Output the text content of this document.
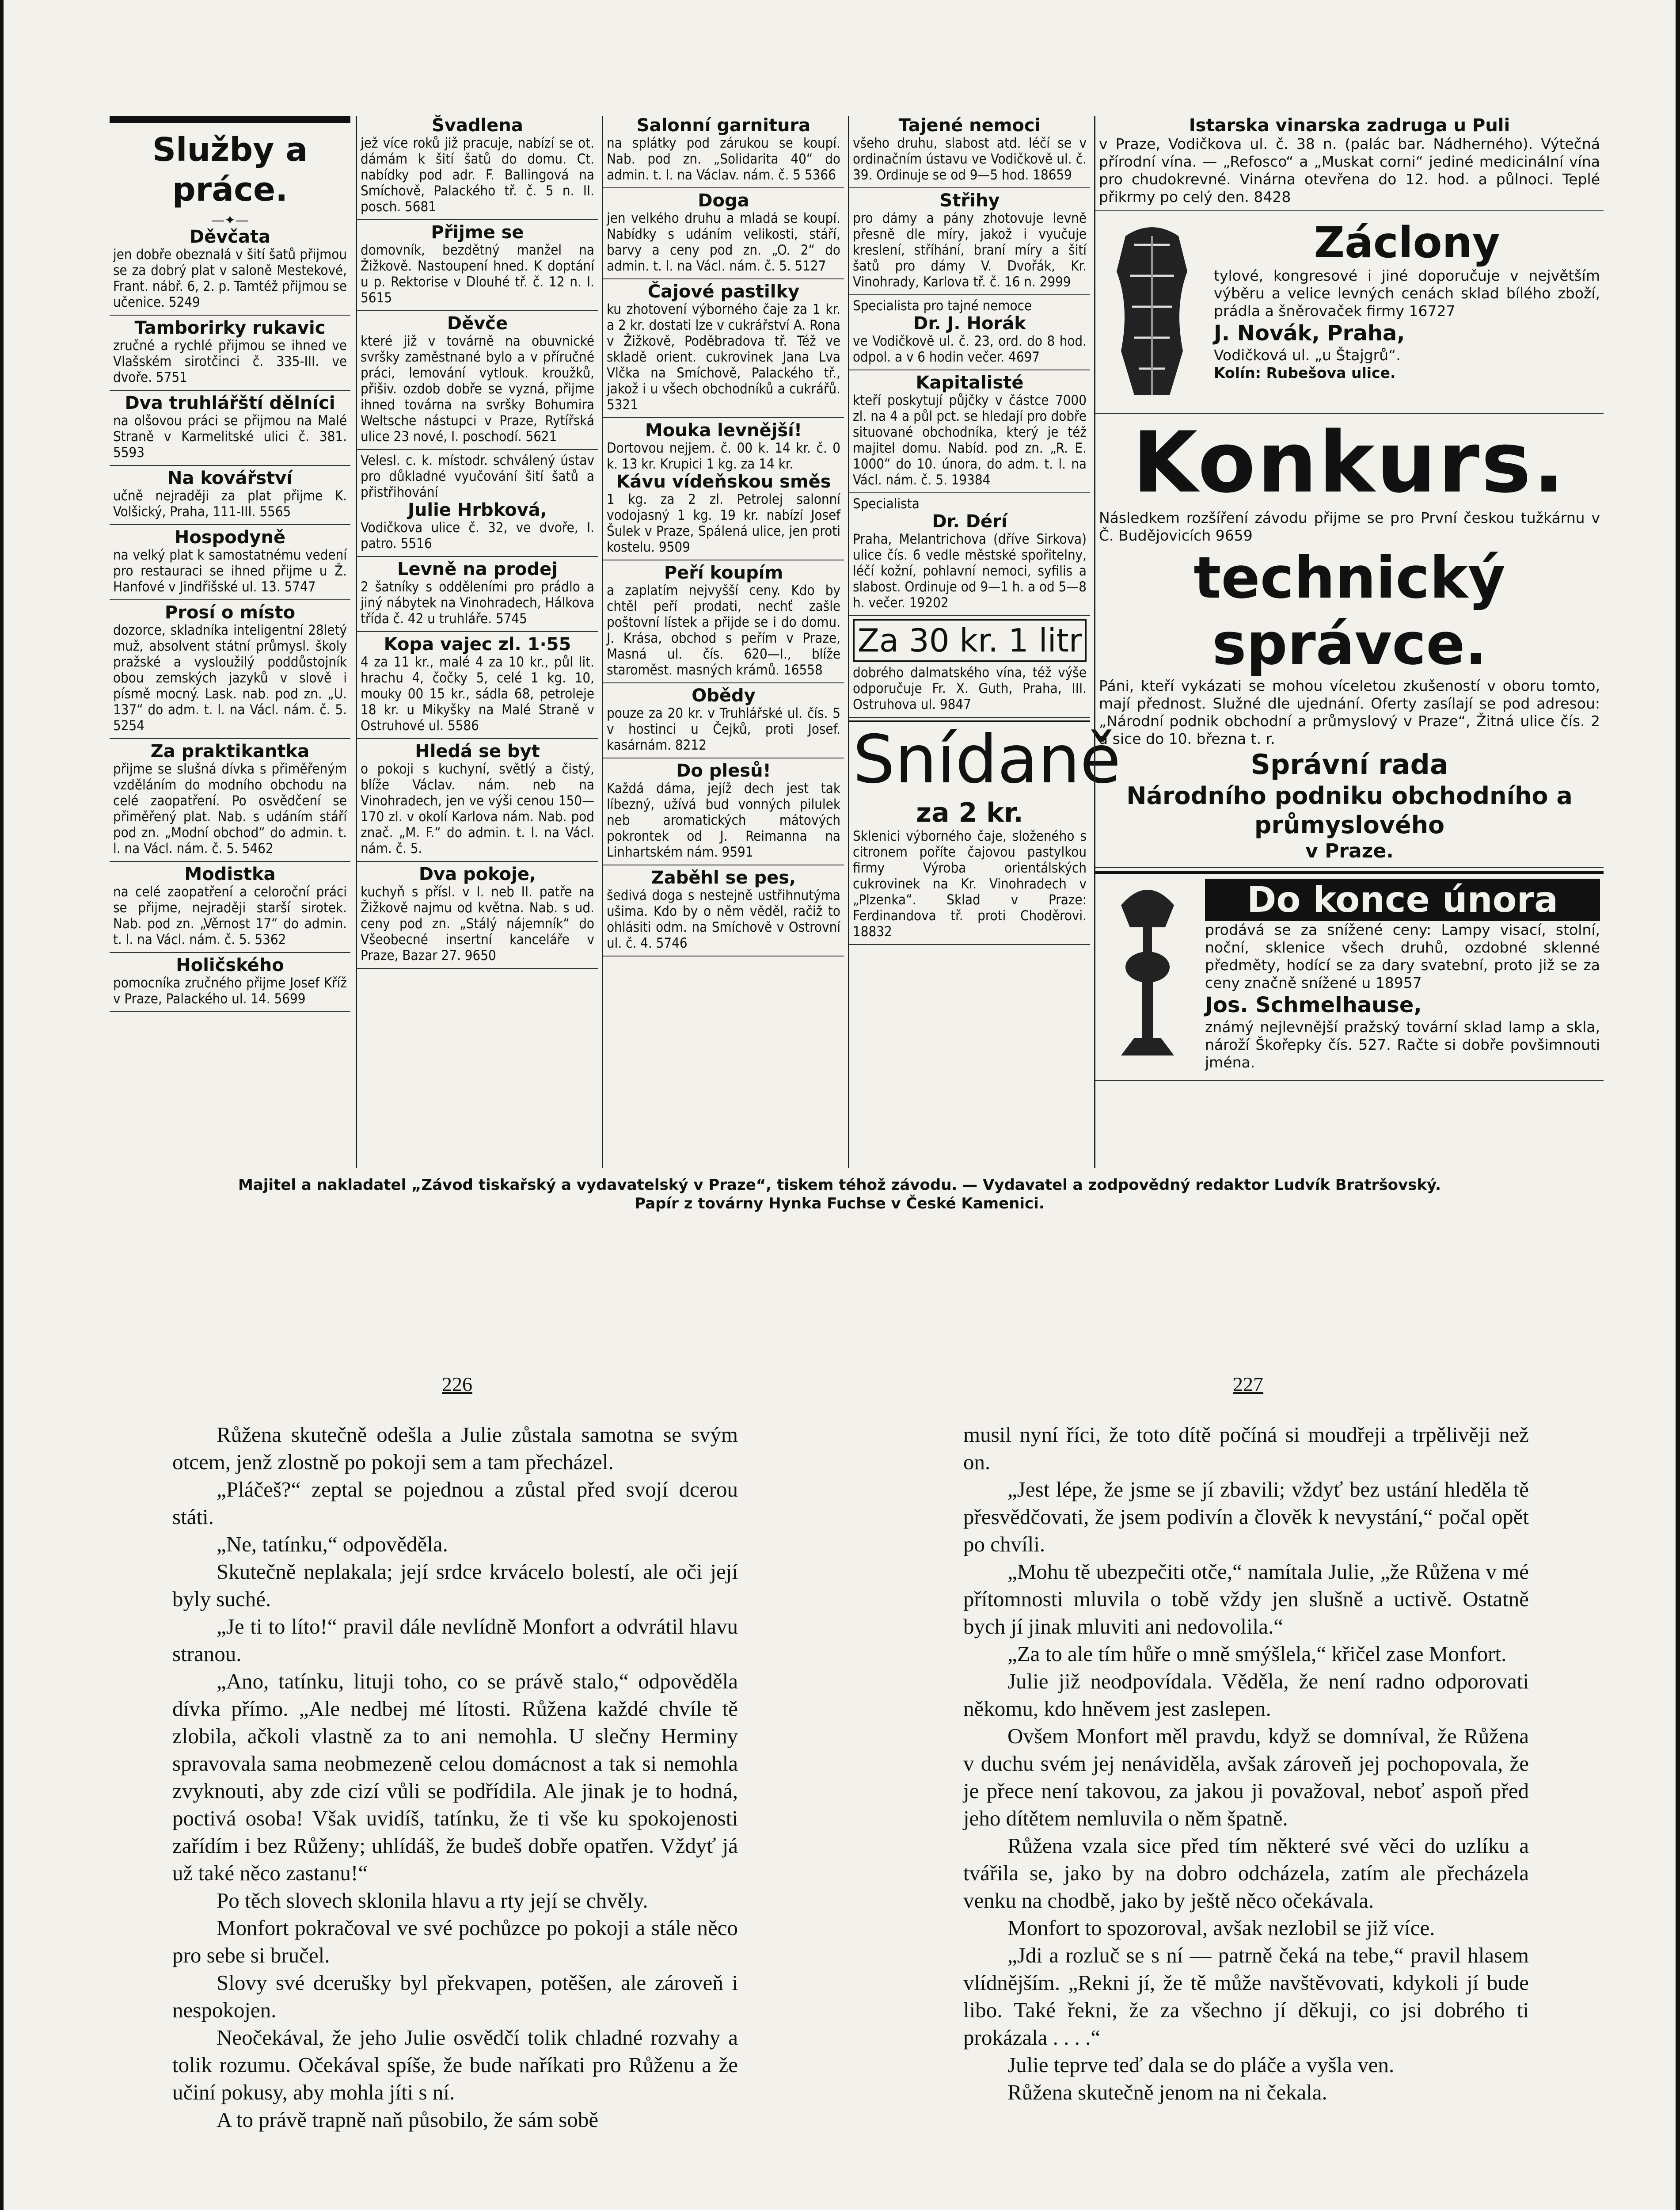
Služby a práce.
—✦—
Děvčata

jen dobře obeznalá v šití šatů přijmou se za dobrý plat v saloně Mestekové, Frant. nábř. 6, 2. p. Tamtéž přijmou se učenice. 5249

Tamborirky rukavic

zručné a rychlé přijmou se ihned ve Vlašském sirotčinci č. 335-III. ve dvoře. 5751

Dva truhlářští dělníci

na olšovou práci se přijmou na Malé Straně v Karmelitské ulici č. 381. 5593

Na kovářství

učně nejraději za plat přijme K. Volšický, Praha, 111-III. 5565

Hospodyně

na velký plat k samostatnému vedení pro restauraci se ihned přijme u Ž. Hanfové v Jindřišské ul. 13. 5747

Prosí o místo

dozorce, skladníka inteligentní 28letý muž, absolvent státní průmysl. školy pražské a vysloužilý poddůstojník obou zemských jazyků v slově i písmě mocný. Lask. nab. pod zn. „U. 137“ do adm. t. l. na Václ. nám. č. 5. 5254

Za praktikantka

přijme se slušná dívka s přiměřeným vzděláním do modního obchodu na celé zaopatření. Po osvědčení se přiměřený plat. Nab. s udáním stáří pod zn. „Modní obchod“ do admin. t. l. na Václ. nám. č. 5. 5462

Modistka

na celé zaopatření a celoroční práci se přijme, nejraději starší sirotek. Nab. pod zn. „Věrnost 17“ do admin. t. l. na Václ. nám. č. 5. 5362

Holičského

pomocníka zručného přijme Josef Kříž v Praze, Palackého ul. 14. 5699

Švadlena

jež více roků již pracuje, nabízí se ot. dámám k šití šatů do domu. Ct. nabídky pod adr. F. Ballingová na Smíchově, Palackého tř. č. 5 n. II. posch. 5681

Přijme se

domovník, bezdětný manžel na Žižkově. Nastoupení hned. K doptání u p. Rektorise v Dlouhé tř. č. 12 n. I. 5615

Děvče

které již v továrně na obuvnické svršky zaměstnané bylo a v příručné práci, lemování vytlouk. kroužků, přišiv. ozdob dobře se vyzná, přijme ihned továrna na svršky Bohumira Weltsche nástupci v Praze, Rytířská ulice 23 nové, I. poschodí. 5621

Velesl. c. k. místodr. schválený ústav pro důkladné vyučování šití šatů a přistřihování

Julie Hrbková,

Vodičkova ulice č. 32, ve dvoře, I. patro. 5516

Levně na prodej

2 šatníky s odděleními pro prádlo a jiný nábytek na Vinohradech, Hálkova třída č. 42 u truhláře. 5745

Kopa vajec zl. 1·55

4 za 11 kr., malé 4 za 10 kr., půl lit. hrachu 4, čočky 5, celé 1 kg. 10, mouky 00 15 kr., sádla 68, petroleje 18 kr. u Mikyšky na Malé Straně v Ostruhové ul. 5586

Hledá se byt

o pokoji s kuchyní, světlý a čistý, blíže Václav. nám. neb na Vinohradech, jen ve výši cenou 150—170 zl. v okolí Karlova nám. Nab. pod znač. „M. F.“ do admin. t. l. na Václ. nám. č. 5.

Dva pokoje,

kuchyň s přísl. v I. neb II. patře na Žižkově najmu od května. Nab. s ud. ceny pod zn. „Stálý nájemník“ do Všeobecné insertní kanceláře v Praze, Bazar 27. 9650

Salonní garnitura

na splátky pod zárukou se koupí. Nab. pod zn. „Solidarita 40“ do admin. t. l. na Václav. nám. č. 5 5366

Doga

jen velkého druhu a mladá se koupí. Nabídky s udáním velikosti, stáří, barvy a ceny pod zn. „O. 2“ do admin. t. l. na Václ. nám. č. 5. 5127

Čajové pastilky

ku zhotovení výborného čaje za 1 kr. a 2 kr. dostati lze v cukrářství A. Rona v Žižkově, Poděbradova tř. Též ve skladě orient. cukrovinek Jana Lva Vlčka na Smíchově, Palackého tř., jakož i u všech obchodníků a cukrářů. 5321

Mouka levnější!

Dortovou nejjem. č. 00 k. 14 kr. č. 0 k. 13 kr. Krupici 1 kg. za 14 kr.

Kávu vídeňskou směs

1 kg. za 2 zl. Petrolej salonní vodojasný 1 kg. 19 kr. nabízí Josef Šulek v Praze, Spálená ulice, jen proti kostelu. 9509

Peří koupím

a zaplatím nejvyšší ceny. Kdo by chtěl peří prodati, nechť zašle poštovní lístek a přijde se i do domu. J. Krása, obchod s peřím v Praze, Masná ul. čís. 620—I., blíže staroměst. masných krámů. 16558

Obědy

pouze za 20 kr. v Truhlářské ul. čís. 5 v hostinci u Čejků, proti Josef. kasárnám. 8212

Do plesů!

Každá dáma, jejíž dech jest tak líbezný, užívá bud vonných pilulek neb aromatických mátových pokrontek od J. Reimanna na Linhartském nám. 9591

Zaběhl se pes,

šedivá doga s nestejně ustřihnutýma ušima. Kdo by o něm věděl, račiž to ohlásiti odm. na Smíchově v Ostrovní ul. č. 4. 5746

Tajené nemoci

všeho druhu, slabost atd. léčí se v ordinačním ústavu ve Vodičkově ul. č. 39. Ordinuje se od 9—5 hod. 18659

Střihy

pro dámy a pány zhotovuje levně přesně dle míry, jakož i vyučuje kreslení, stříhání, braní míry a šití šatů pro dámy V. Dvořák, Kr. Vinohrady, Karlova tř. č. 16 n. 2999

Specialista pro tajné nemoce

Dr. J. Horák

ve Vodičkově ul. č. 23, ord. do 8 hod. odpol. a v 6 hodin večer. 4697

Kapitalisté

kteří poskytují půjčky v částce 7000 zl. na 4 a půl pct. se hledají pro dobře situované obchodníka, který je též majitel domu. Nabíd. pod zn. „R. E. 1000“ do 10. února, do adm. t. l. na Václ. nám. č. 5. 19384

Specialista

Dr. Dérí

Praha, Melantrichova (dříve Sirkova) ulice čís. 6 vedle městské spořitelny, léčí kožní, pohlavní nemoci, syfilis a slabost. Ordinuje od 9—1 h. a od 5—8 h. večer. 19202

Za 30 kr. 1 litr

dobrého dalmatského vína, též výše odporučuje Fr. X. Guth, Praha, III. Ostruhova ul. 9847

Snídaně
za 2 kr.

Sklenici výborného čaje, složeného s citronem poříte čajovou pastylkou firmy Výroba orientálských cukrovinek na Kr. Vinohradech v „Plzenka“. Sklad v Praze: Ferdinandova tř. proti Choděrovi. 18832

Istarska vinarska zadruga u Puli

v Praze, Vodičkova ul. č. 38 n. (palác bar. Nádherného). Výtečná přírodní vína. — „Refosco“ a „Muskat corni“ jediné medicinální vína pro chudokrevné. Vinárna otevřena do 12. hod. a půlnoci. Teplé přikrmy po celý den. 8428

Záclony

tylové, kongresové i jiné doporučuje v největším výběru a velice levných cenách sklad bílého zboží, prádla a šněrovaček firmy 16727

J. Novák, Praha,

Vodičková ul. „u Štajgrů“.

Kolín: Rubešova ulice.

Konkurs.

Následkem rozšíření závodu přijme se pro První českou tužkárnu v Č. Budějovicích 9659

technický správce.

Páni, kteří vykázati se mohou víceletou zkušeností v oboru tomto, mají přednost. Služné dle ujednání. Oferty zasílají se pod adresou: „Národní podnik obchodní a průmyslový v Praze“, Žitná ulice čís. 2 a sice do 10. března t. r.

Správní rada
Národního podniku obchodního a průmyslového
v Praze.
Do konce února

prodává se za snížené ceny: Lampy visací, stolní, noční, sklenice všech druhů, ozdobné sklenné předměty, hodící se za dary svatební, proto již se za ceny značně snížené u 18957

Jos. Schmelhause,

známý nejlevnější pražský tovární sklad lamp a skla, nároží Škořepky čís. 527. Račte si dobře povšimnouti jména.

Majitel a nakladatel „Závod tiskařský a vydavatelský v Praze“, tiskem téhož závodu. — Vydavatel a zodpovědný redaktor Ludvík Bratršovský.
Papír z továrny Hynka Fuchse v České Kamenici.
226	227

Růžena skutečně odešla a Julie zůstala samotna se svým otcem, jenž zlostně po pokoji sem a tam přecházel.

„Pláčeš?“ zeptal se pojednou a zůstal před svojí dcerou státi.

„Ne, tatínku,“ odpověděla.

Skutečně neplakala; její srdce krvácelo bolestí, ale oči její byly suché.

„Je ti to líto!“ pravil dále nevlídně Monfort a odvrátil hlavu stranou.

„Ano, tatínku, lituji toho, co se právě stalo,“ odpověděla dívka přímo. „Ale nedbej mé lítosti. Růžena každé chvíle tě zlobila, ačkoli vlastně za to ani nemohla. U slečny Herminy spravovala sama neobmezeně celou domácnost a tak si nemohla zvyknouti, aby zde cizí vůli se podřídila. Ale jinak je to hodná, poctivá osoba! Však uvidíš, tatínku, že ti vše ku spokojenosti zařídím i bez Růženy; uhlídáš, že budeš dobře opatřen. Vždyť já už také něco zastanu!“

Po těch slovech sklonila hlavu a rty její se chvěly.

Monfort pokračoval ve své pochůzce po pokoji a stále něco pro sebe si bručel.

Slovy své dcerušky byl překvapen, potěšen, ale zároveň i nespokojen.

Neočekával, že jeho Julie osvědčí tolik chladné rozvahy a tolik rozumu. Očekával spíše, že bude naříkati pro Růženu a že učiní pokusy, aby mohla jíti s ní.

A to právě trapně naň působilo, že sám sobě

musil nyní říci, že toto dítě počíná si moudřeji a trpělivěji než on.

„Jest lépe, že jsme se jí zbavili; vždyť bez ustání hleděla tě přesvědčovati, že jsem podivín a člověk k nevystání,“ počal opět po chvíli.

„Mohu tě ubezpečiti otče,“ namítala Julie, „že Růžena v mé přítomnosti mluvila o tobě vždy jen slušně a uctivě. Ostatně bych jí jinak mluviti ani nedovolila.“

„Za to ale tím hůře o mně smýšlela,“ křičel zase Monfort.

Julie již neodpovídala. Věděla, že není radno odporovati někomu, kdo hněvem jest zaslepen.

Ovšem Monfort měl pravdu, když se domníval, že Růžena v duchu svém jej nenáviděla, avšak zároveň jej pochopovala, že je přece není takovou, za jakou ji považoval, neboť aspoň před jeho dítětem nemluvila o něm špatně.

Růžena vzala sice před tím některé své věci do uzlíku a tvářila se, jako by na dobro odcházela, zatím ale přecházela venku na chodbě, jako by ještě něco očekávala.

Monfort to spozoroval, avšak nezlobil se již více.

„Jdi a rozluč se s ní — patrně čeká na tebe,“ pravil hlasem vlídnějším. „Rekni jí, že tě může navštěvovati, kdykoli jí bude libo. Také řekni, že za všechno jí děkuji, co jsi dobrého ti prokázala . . . .“

Julie teprve teď dala se do pláče a vyšla ven.

Růžena skutečně jenom na ni čekala.
